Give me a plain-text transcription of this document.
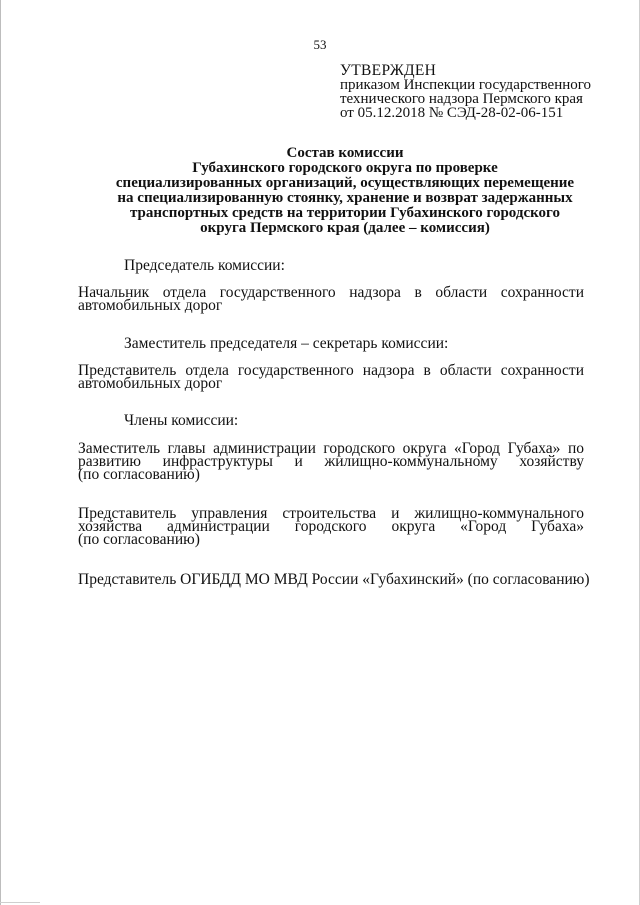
53
УТВЕРЖДЕН
приказом Инспекции государственного
технического надзора Пермского края
от 05.12.2018 № СЭД-28-02-06-151
Состав комиссии
Губахинского городского округа по проверке
специализированных организаций, осуществляющих перемещение
на специализированную стоянку, хранение и возврат задержанных
транспортных средств на территории Губахинского городского
округа Пермского края (далее – комиссия)
Председатель комиссии:
Начальник отдела государственного надзора в области сохранности
автомобильных дорог
Заместитель председателя – секретарь комиссии:
Представитель отдела государственного надзора в области сохранности
автомобильных дорог
Члены комиссии:
Заместитель главы администрации городского округа «Город Губаха» по
развитию инфраструктуры и жилищно-коммунальному хозяйству
(по согласованию)
Представитель управления строительства и жилищно-коммунального
хозяйства администрации городского округа «Город Губаха»
(по согласованию)
Представитель ОГИБДД МО МВД России «Губахинский» (по согласованию)
